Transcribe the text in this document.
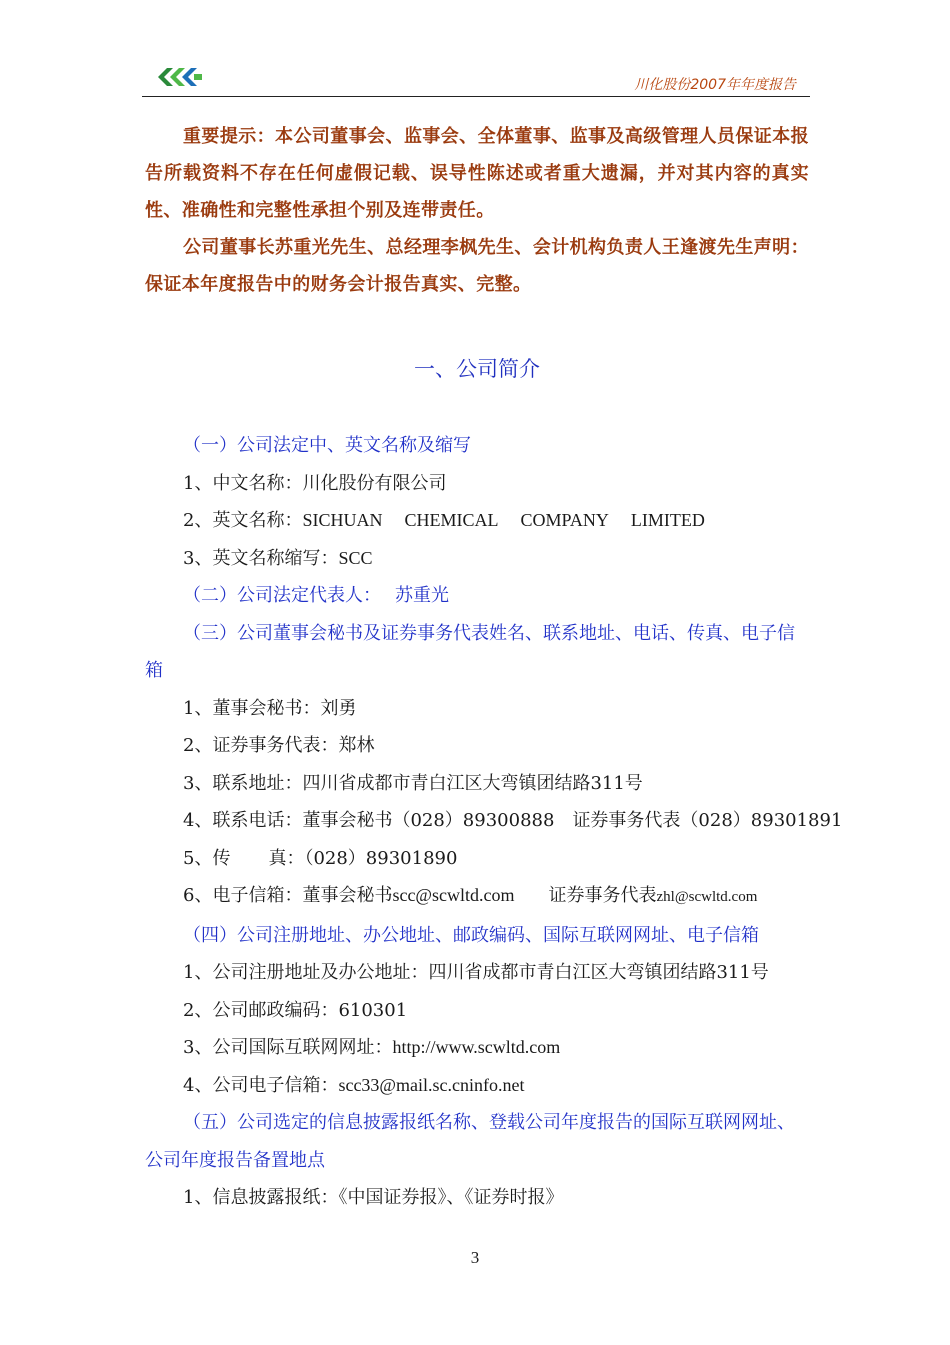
川化股份2007年年度报告

重要提示：本公司董事会、监事会、全体董事、监事及高级管理人员保证本报告所载资料不存在任何虚假记载、误导性陈述或者重大遗漏，并对其内容的真实性、准确性和完整性承担个别及连带责任。

公司董事长苏重光先生、总经理李枫先生、会计机构负责人王逢渡先生声明：保证本年度报告中的财务会计报告真实、完整。

一、公司简介

（一）公司法定中、英文名称及缩写

1、中文名称：川化股份有限公司

2、英文名称：SICHUAN CHEMICAL COMPANY LIMITED

3、英文名称缩写：SCC

（二）公司法定代表人： 苏重光

（三）公司董事会秘书及证券事务代表姓名、联系地址、电话、传真、电子信箱

1、董事会秘书：刘勇

2、证券事务代表：郑林

3、联系地址：四川省成都市青白江区大弯镇团结路311号

4、联系电话：董事会秘书（028）89300888 证券事务代表（028）89301891

5、传 真：（028）89301890

6、电子信箱：董事会秘书scc@scwltd.com 证券事务代表zhl@scwltd.com

（四）公司注册地址、办公地址、邮政编码、国际互联网网址、电子信箱

1、公司注册地址及办公地址：四川省成都市青白江区大弯镇团结路311号

2、公司邮政编码：610301

3、公司国际互联网网址：http://www.scwltd.com

4、公司电子信箱：scc33@mail.sc.cninfo.net

（五）公司选定的信息披露报纸名称、登载公司年度报告的国际互联网网址、公司年度报告备置地点

1、信息披露报纸：《中国证券报》、《证券时报》

3
